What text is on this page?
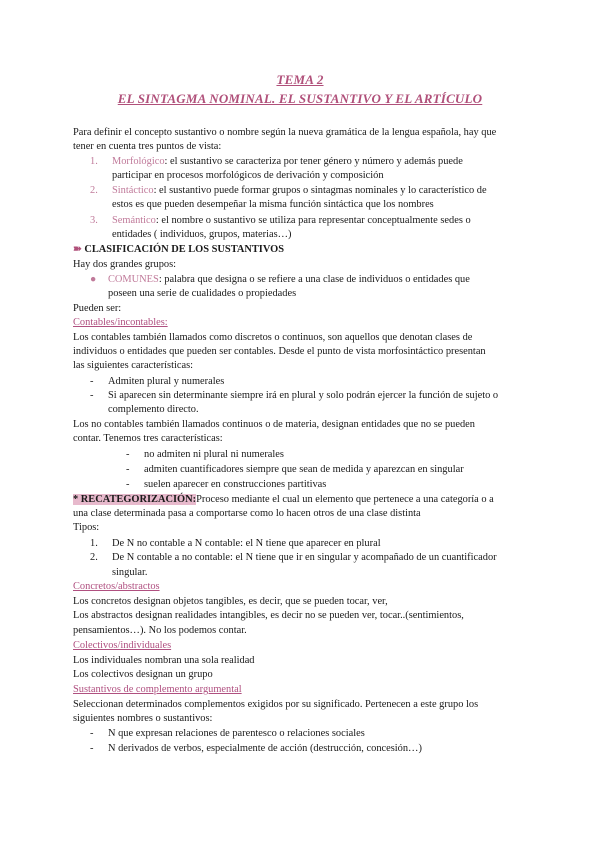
TEMA 2
EL SINTAGMA NOMINAL. EL SUSTANTIVO Y EL ARTÍCULO
Para definir el concepto sustantivo o nombre según la nueva gramática de la lengua española, hay que
tener en cuenta tres puntos de vista:
1. Morfológico: el sustantivo se caracteriza por tener género y número y además puede
participar en procesos morfológicos de derivación y composición
2. Sintáctico: el sustantivo puede formar grupos o sintagmas nominales y lo característico de
estos es que pueden desempeñar la misma función sintáctica que los nombres
3. Semántico: el nombre o sustantivo se utiliza para representar conceptualmente sedes o
entidades ( individuos, grupos, materias…)
➽ CLASIFICACIÓN DE LOS SUSTANTIVOS
Hay dos grandes grupos:
● COMUNES: palabra que designa o se refiere a una clase de individuos o entidades que
poseen una serie de cualidades o propiedades
Pueden ser:
Contables/incontables:
Los contables también llamados como discretos o continuos, son aquellos que denotan clases de
individuos o entidades que pueden ser contables. Desde el punto de vista morfosintáctico presentan
las siguientes características:
- Admiten plural y numerales
- Si aparecen sin determinante siempre irá en plural y solo podrán ejercer la función de sujeto o
complemento directo.
Los no contables también llamados continuos o de materia, designan entidades que no se pueden
contar. Tenemos tres características:
- no admiten ni plural ni numerales
- admiten cuantificadores siempre que sean de medida y aparezcan en singular
- suelen aparecer en construcciones partitivas
* RECATEGORIZACIÓN:Proceso mediante el cual un elemento que pertenece a una categoría o a
una clase determinada pasa a comportarse como lo hacen otros de una clase distinta
Tipos:
1. De N no contable a N contable: el N tiene que aparecer en plural
2. De N contable a no contable: el N tiene que ir en singular y acompañado de un cuantificador
singular.
Concretos/abstractos
Los concretos designan objetos tangibles, es decir, que se pueden tocar, ver,
Los abstractos designan realidades intangibles, es decir no se pueden ver, tocar..(sentimientos,
pensamientos…). No los podemos contar.
Colectivos/individuales
Los individuales nombran una sola realidad
Los colectivos designan un grupo
Sustantivos de complemento argumental
Seleccionan determinados complementos exigidos por su significado. Pertenecen a este grupo los
siguientes nombres o sustantivos:
- N que expresan relaciones de parentesco o relaciones sociales
- N derivados de verbos, especialmente de acción (destrucción, concesión…)
